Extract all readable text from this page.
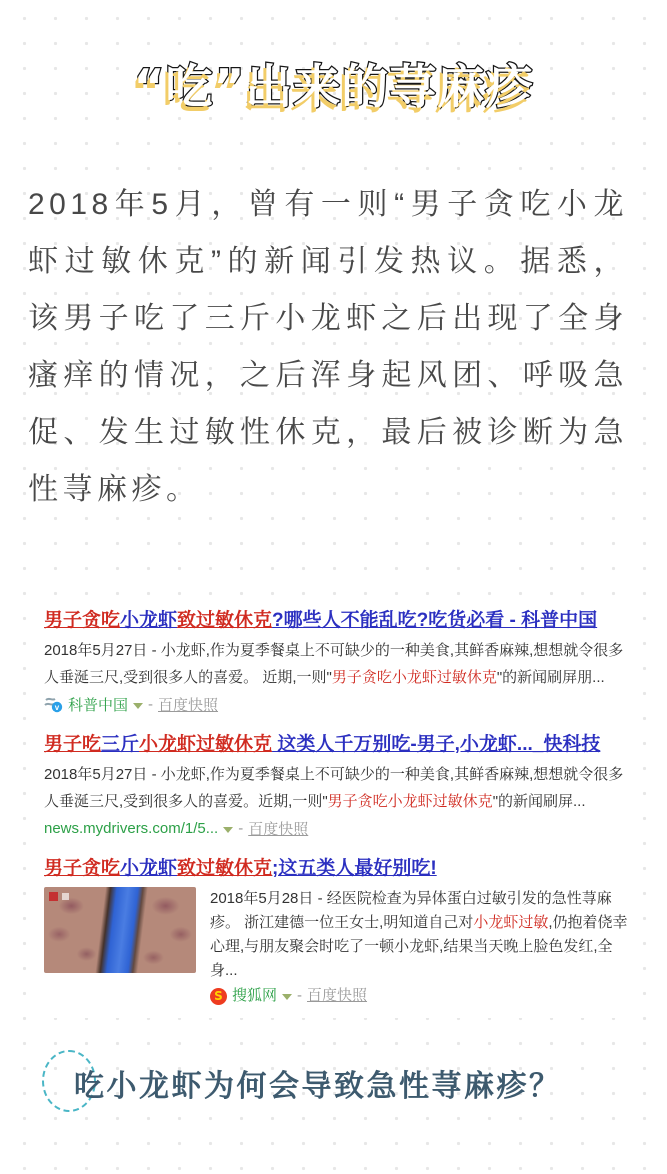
“吃”出来的荨麻疹

2018年5月，曾有一则“男子贪吃小龙虾过敏休克”的新闻引发热议。据悉，该男子吃了三斤小龙虾之后出现了全身瘙痒的情况，之后浑身起风团、呼吸急促、发生过敏性休克，最后被诊断为急性荨麻疹。

男子贪吃小龙虾致过敏休克?哪些人不能乱吃?吃货必看 - 科普中国
2018年5月27日 - 小龙虾,作为夏季餐桌上不可缺少的一种美食,其鲜香麻辣,想想就令很多人垂涎三尺,受到很多人的喜爱。 近期,一则"男子贪吃小龙虾过敏休克"的新闻刷屏朋...
v 科普中国 - 百度快照
男子吃三斤小龙虾过敏休克 这类人千万别吃-男子,小龙虾..._快科技
2018年5月27日 - 小龙虾,作为夏季餐桌上不可缺少的一种美食,其鲜香麻辣,想想就令很多人垂涎三尺,受到很多人的喜爱。近期,一则"男子贪吃小龙虾过敏休克"的新闻刷屏...
news.mydrivers.com/1/5... - 百度快照
男子贪吃小龙虾致过敏休克;这五类人最好别吃!
2018年5月28日 - 经医院检查为异体蛋白过敏引发的急性荨麻疹。 浙江建德一位王女士,明知道自己对小龙虾过敏,仍抱着侥幸心理,与朋友聚会时吃了一顿小龙虾,结果当天晚上脸色发红,全身...
S 搜狐网 - 百度快照
吃小龙虾为何会导致急性荨麻疹？
